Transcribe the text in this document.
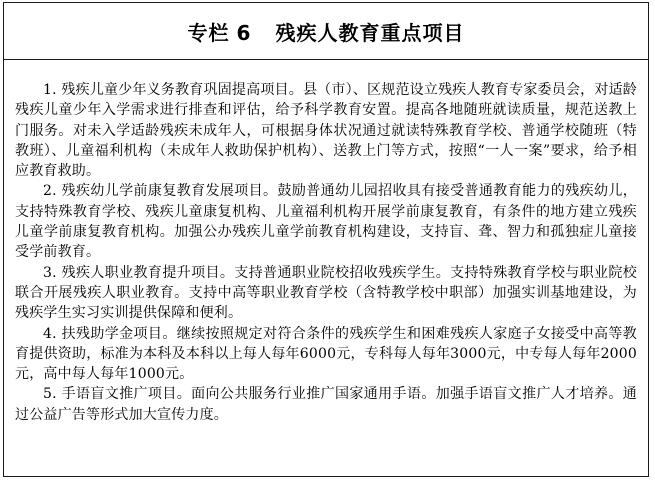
专栏 6 残疾人教育重点项目

1. 残疾儿童少年义务教育巩固提高项目。县（市）、区规范设立残疾人教育专家委员会，对适龄残疾儿童少年入学需求进行排查和评估，给予科学教育安置。提高各地随班就读质量，规范送教上门服务。对未入学适龄残疾未成年人，可根据身体状况通过就读特殊教育学校、普通学校随班（特教班）、儿童福利机构（未成年人救助保护机构）、送教上门等方式，按照“一人一案”要求，给予相应教育救助。

2. 残疾幼儿学前康复教育发展项目。鼓励普通幼儿园招收具有接受普通教育能力的残疾幼儿，支持特殊教育学校、残疾儿童康复机构、儿童福利机构开展学前康复教育，有条件的地方建立残疾儿童学前康复教育机构。加强公办残疾儿童学前教育机构建设，支持盲、聋、智力和孤独症儿童接受学前教育。

3. 残疾人职业教育提升项目。支持普通职业院校招收残疾学生。支持特殊教育学校与职业院校联合开展残疾人职业教育。支持中高等职业教育学校（含特教学校中职部）加强实训基地建设，为残疾学生实习实训提供保障和便利。

4. 扶残助学金项目。继续按照规定对符合条件的残疾学生和困难残疾人家庭子女接受中高等教育提供资助，标准为本科及本科以上每人每年6000元，专科每人每年3000元，中专每人每年2000元，高中每人每年1000元。

5. 手语盲文推广项目。面向公共服务行业推广国家通用手语。加强手语盲文推广人才培养。通过公益广告等形式加大宣传力度。
